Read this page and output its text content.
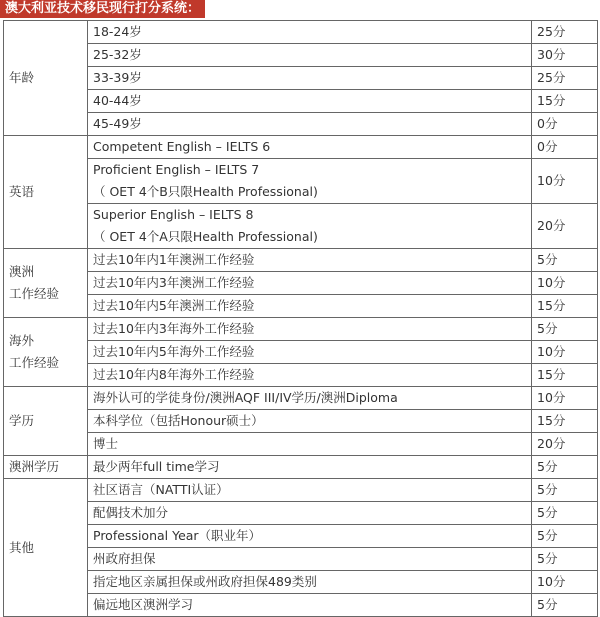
澳大利亚技术移民现行打分系统：
年龄	18-24岁	25分

	25-32岁	30分

	33-39岁	25分

	40-44岁	15分

	45-49岁	0分

英语	Competent English – IELTS 6	0分

	Proficient English – IELTS 7
（ OET 4个B只限Health Professional)	10分

	Superior English – IELTS 8
（ OET 4个A只限Health Professional)	20分

澳洲
工作经验	过去10年内1年澳洲工作经验	5分

	过去10年内3年澳洲工作经验	10分

	过去10年内5年澳洲工作经验	15分

海外
工作经验	过去10年内3年海外工作经验	5分

	过去10年内5年海外工作经验	10分

	过去10年内8年海外工作经验	15分

学历	海外认可的学徒身份/澳洲AQF III/IV学历/澳洲Diploma	10分

	本科学位（包括Honour硕士）	15分

	博士	20分

澳洲学历	最少两年full time学习	5分

其他	社区语言（NATTI认证）	5分

	配偶技术加分	5分

	Professional Year（职业年）	5分

	州政府担保	5分

	指定地区亲属担保或州政府担保489类别	10分

	偏远地区澳洲学习	5分
